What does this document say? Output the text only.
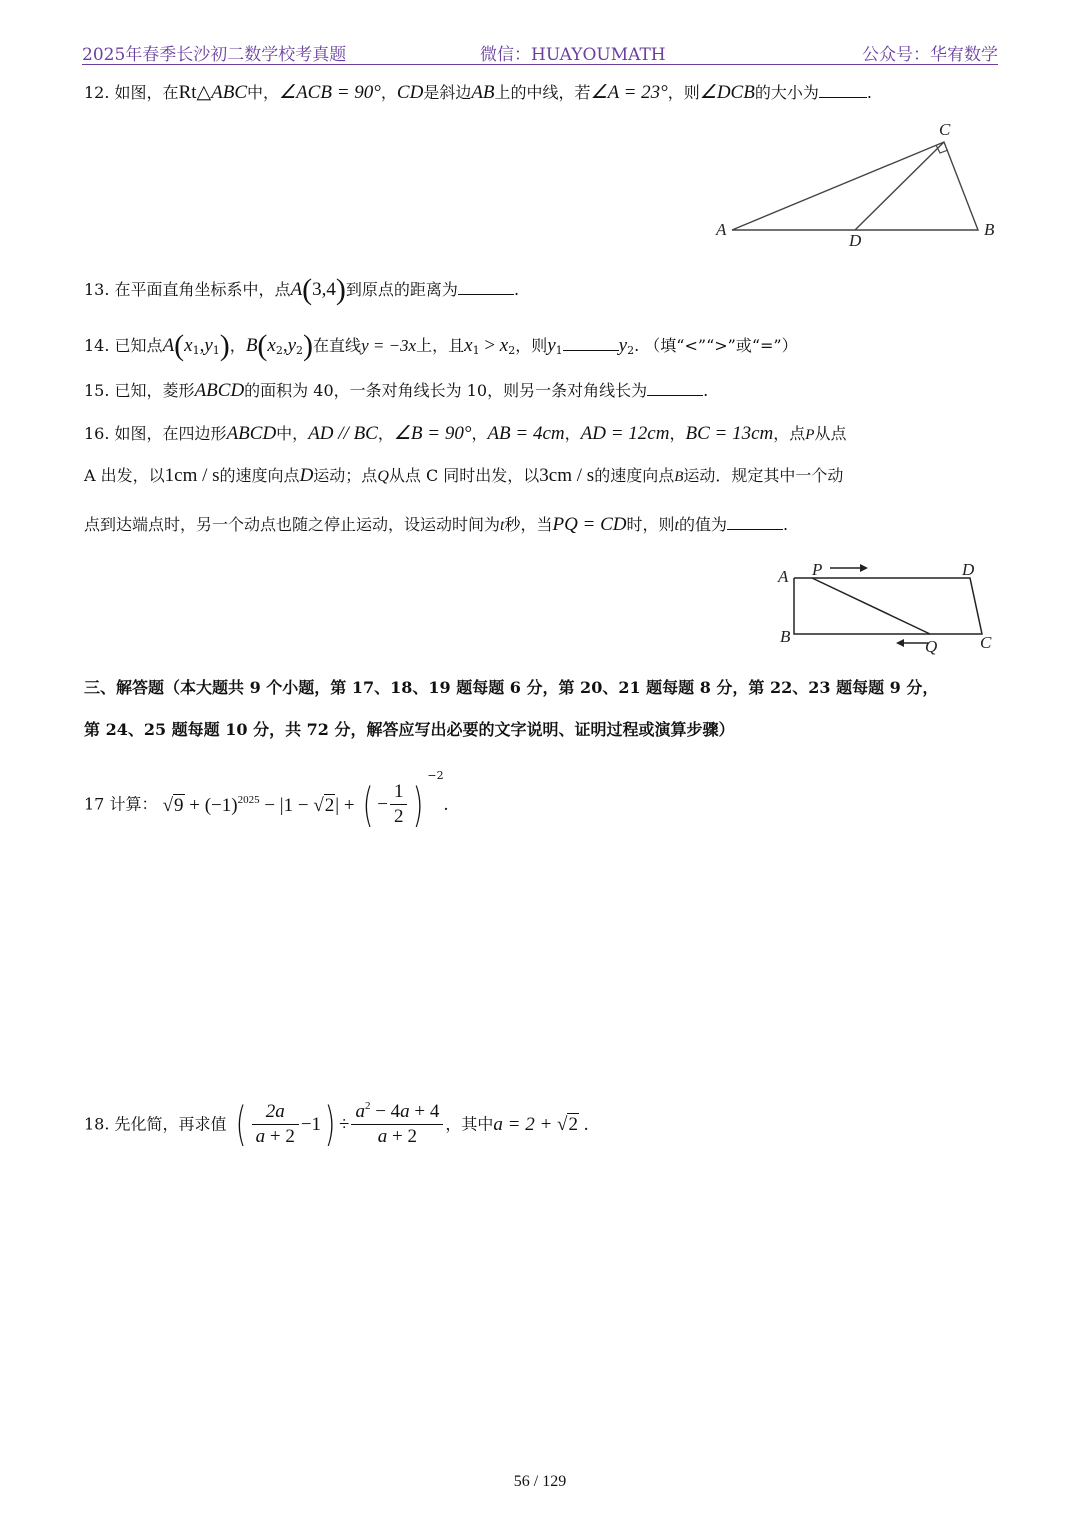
2025年春季长沙初二数学校考真题	微信：HUAYOUMATH	公众号：华宥数学
12. 如图，在Rt△ABC中，∠ACB = 90°，CD是斜边AB上的中线，若∠A = 23°，则∠DCB的大小为	.
A
C
B
D
13. 在平面直角坐标系中，点A(3,4)到原点的距离为	.
14. 已知点$A(x_1,y_1)$，$B(x_2,y_2)$在直线y = −3x上，且$x_1 > x_2$，则$y_1$	$y_2$. （填“<”“>”或“=”）
15. 已知，菱形ABCD的面积为 40，一条对角线长为 10，则另一条对角线长为	.
16. 如图，在四边形ABCD中，AD // BC，∠B = 90°，AB = 4cm，AD = 12cm，BC = 13cm，点P从点
A 出发，以1cm / s的速度向点D运动；点Q从点 C 同时出发，以3cm / s的速度向点B运动．规定其中一个动
点到达端点时，另一个动点也随之停止运动，设运动时间为t秒，当PQ = CD时，则t的值为	.
A P	D
B
Q	C
三、解答题（本大题共 9 个小题，第 17、18、19 题每题 6 分，第 20、21 题每题 8 分，第 22、23 题每题 9 分，
第 24、25 题每题 10 分，共 72 分，解答应写出必要的文字说明、证明过程或演算步骤）
17 计算： $√9 + (-1)^{2025} - |1 - √2|$ + ( − $\frac{1}{2} )^{-2}$.
18. 先化简，再求值 ( $\frac{2a}{a + 2} -1) \div \frac{a^2 - 4a + 4}{a + 2}$ ，其中a = 2 + √2 .
56 / 129
